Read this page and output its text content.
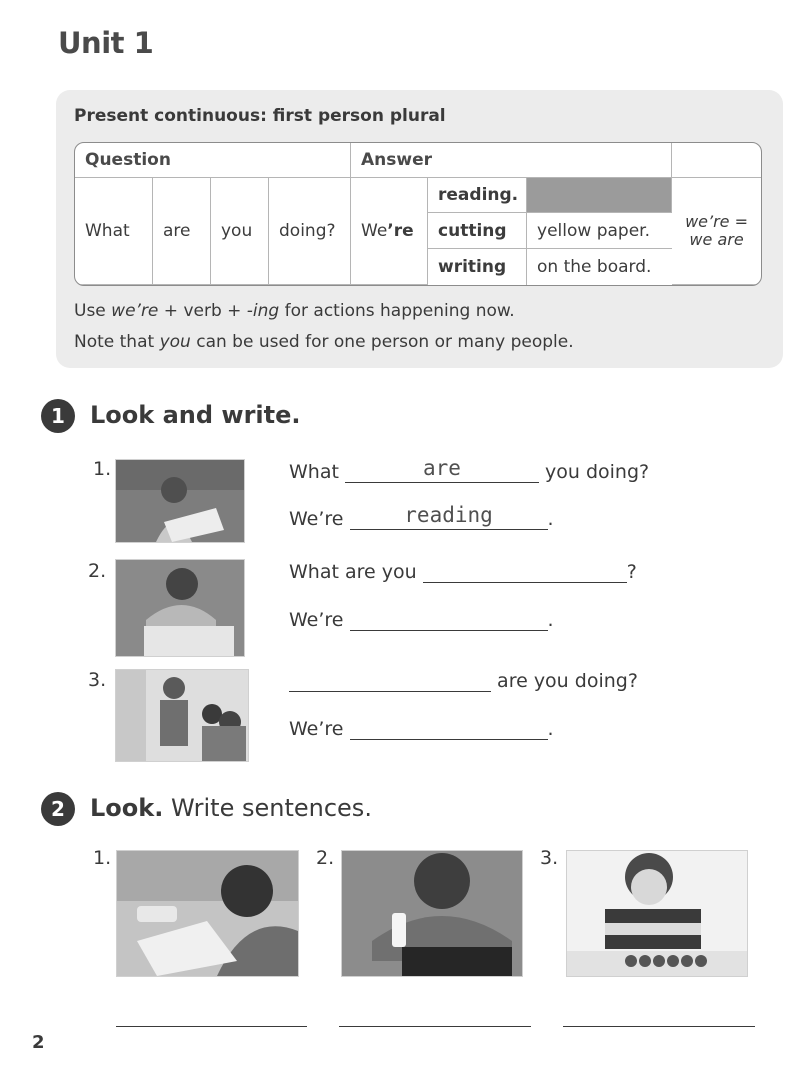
Unit 1
Present continuous: first person plural
Question				Answer			
What	are	you	doing?	We’re	reading.		we’re =
we are
					cutting	yellow paper.	
					writing	on the board.	
Use we’re + verb + -ing for actions happening now.
Note that you can be used for one person or many people.
1	Look and write.
1.	What	are	you doing?
We’re	reading	.
2.	What are you	?
We’re	.
3.	are you doing?
We’re	.
2	Look. Write sentences.
1.	2.	3.
2
